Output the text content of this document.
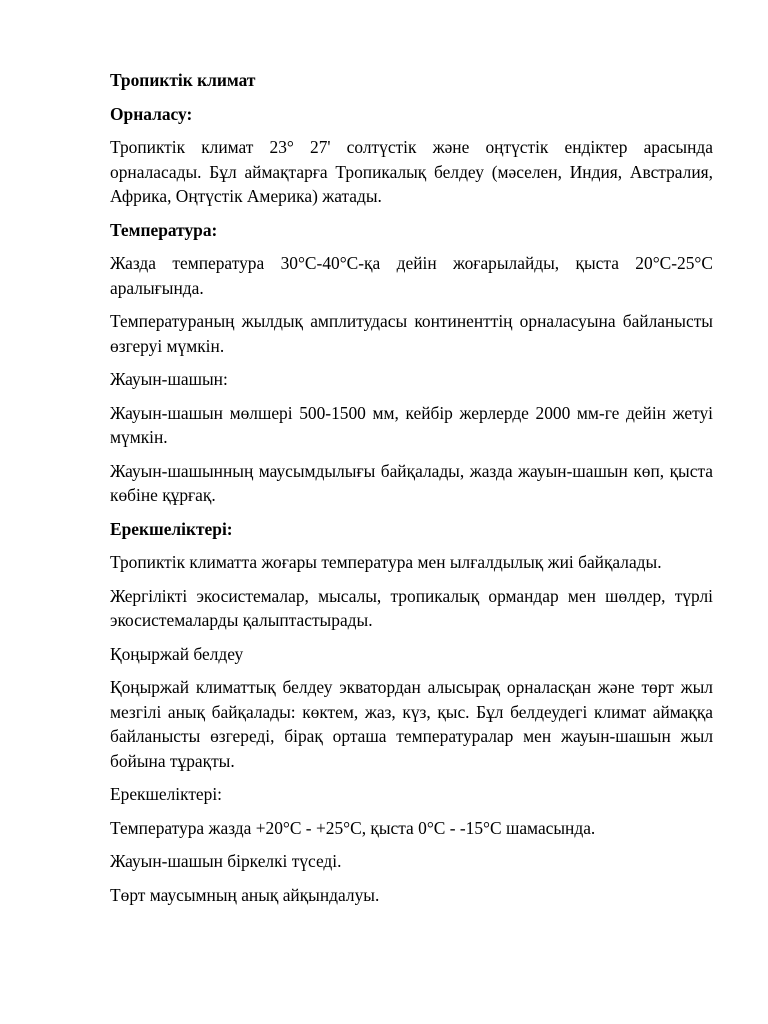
Тропиктік климат

Орналасу:

Тропиктік климат 23° 27' солтүстік және оңтүстік ендіктер арасында орналасады. Бұл аймақтарға Тропикалық белдеу (мәселен, Индия, Австралия, Африка, Оңтүстік Америка) жатады.

Температура:

Жазда температура 30°С-40°С-қа дейін жоғарылайды, қыста 20°С-25°С аралығында.

Температураның жылдық амплитудасы континенттің орналасуына байланысты өзгеруі мүмкін.

Жауын-шашын:

Жауын-шашын мөлшері 500-1500 мм, кейбір жерлерде 2000 мм-ге дейін жетуі мүмкін.

Жауын-шашынның маусымдылығы байқалады, жазда жауын-шашын көп, қыста көбіне құрғақ.

Ерекшеліктері:

Тропиктік климатта жоғары температура мен ылғалдылық жиі байқалады.

Жергілікті экосистемалар, мысалы, тропикалық ормандар мен шөлдер, түрлі экосистемаларды қалыптастырады.

Қоңыржай белдеу

Қоңыржай климаттық белдеу экватордан алысырақ орналасқан және төрт жыл мезгілі анық байқалады: көктем, жаз, күз, қыс. Бұл белдеудегі климат аймаққа байланысты өзгереді, бірақ орташа температуралар мен жауын-шашын жыл бойына тұрақты.

Ерекшеліктері:

Температура жазда +20°С - +25°С, қыста 0°С - -15°С шамасында.

Жауын-шашын біркелкі түседі.

Төрт маусымның анық айқындалуы.
